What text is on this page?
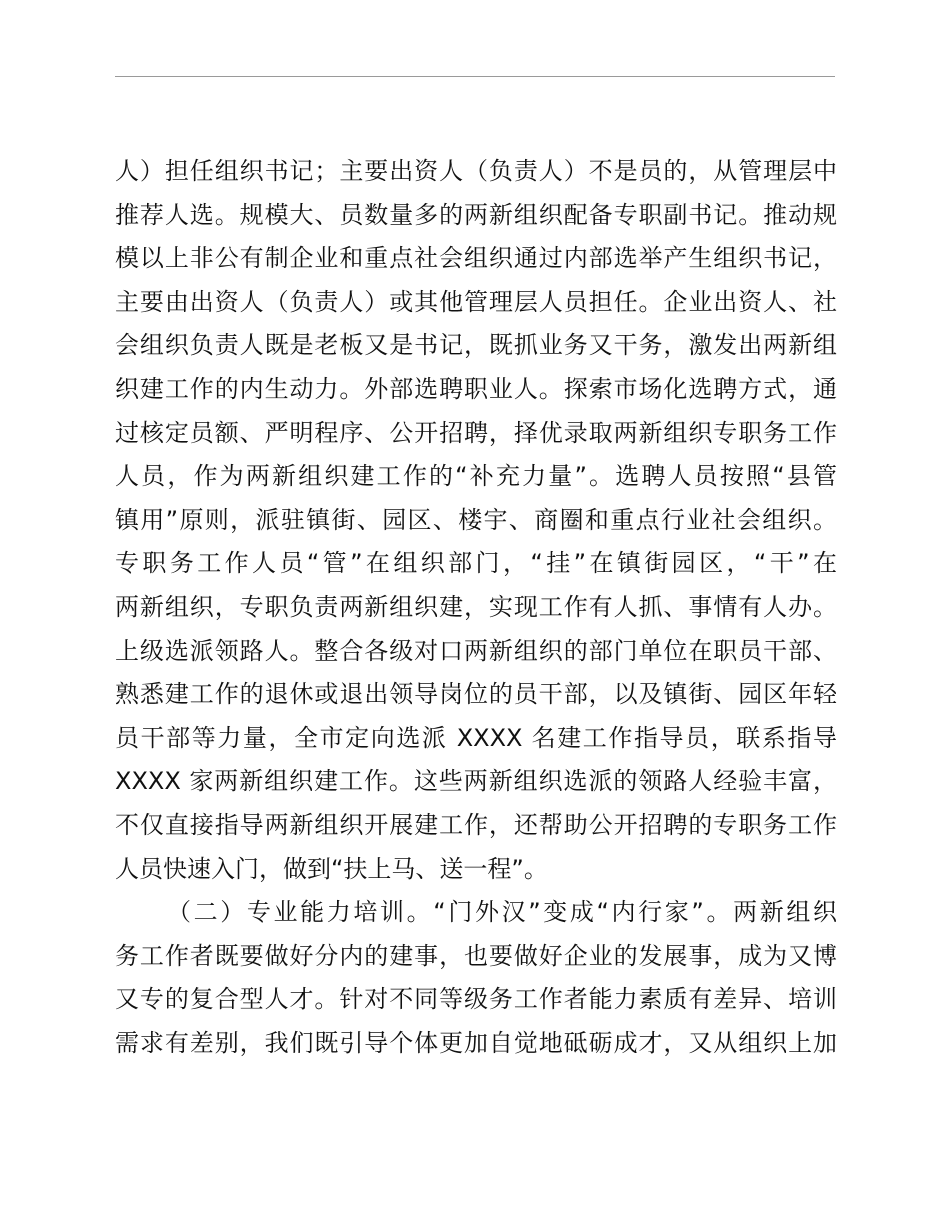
人）担任组织书记；主要出资人（负责人）不是员的，从管理层中
推荐人选。规模大、员数量多的两新组织配备专职副书记。推动规
模以上非公有制企业和重点社会组织通过内部选举产生组织书记，
主要由出资人（负责人）或其他管理层人员担任。企业出资人、社
会组织负责人既是老板又是书记，既抓业务又干务，激发出两新组
织建工作的内生动力。外部选聘职业人。探索市场化选聘方式，通
过核定员额、严明程序、公开招聘，择优录取两新组织专职务工作
人员，作为两新组织建工作的“补充力量”。选聘人员按照“县管
镇用”原则，派驻镇街、园区、楼宇、商圈和重点行业社会组织。
专职务工作人员“管”在组织部门，“挂”在镇街园区，“干”在
两新组织，专职负责两新组织建，实现工作有人抓、事情有人办。
上级选派领路人。整合各级对口两新组织的部门单位在职员干部、
熟悉建工作的退休或退出领导岗位的员干部，以及镇街、园区年轻
员干部等力量，全市定向选派 XXXX 名建工作指导员，联系指导
XXXX 家两新组织建工作。这些两新组织选派的领路人经验丰富，
不仅直接指导两新组织开展建工作，还帮助公开招聘的专职务工作
人员快速入门，做到“扶上马、送一程”。
（二）专业能力培训。“门外汉”变成“内行家”。两新组织
务工作者既要做好分内的建事，也要做好企业的发展事，成为又博
又专的复合型人才。针对不同等级务工作者能力素质有差异、培训
需求有差别，我们既引导个体更加自觉地砥砺成才，又从组织上加
